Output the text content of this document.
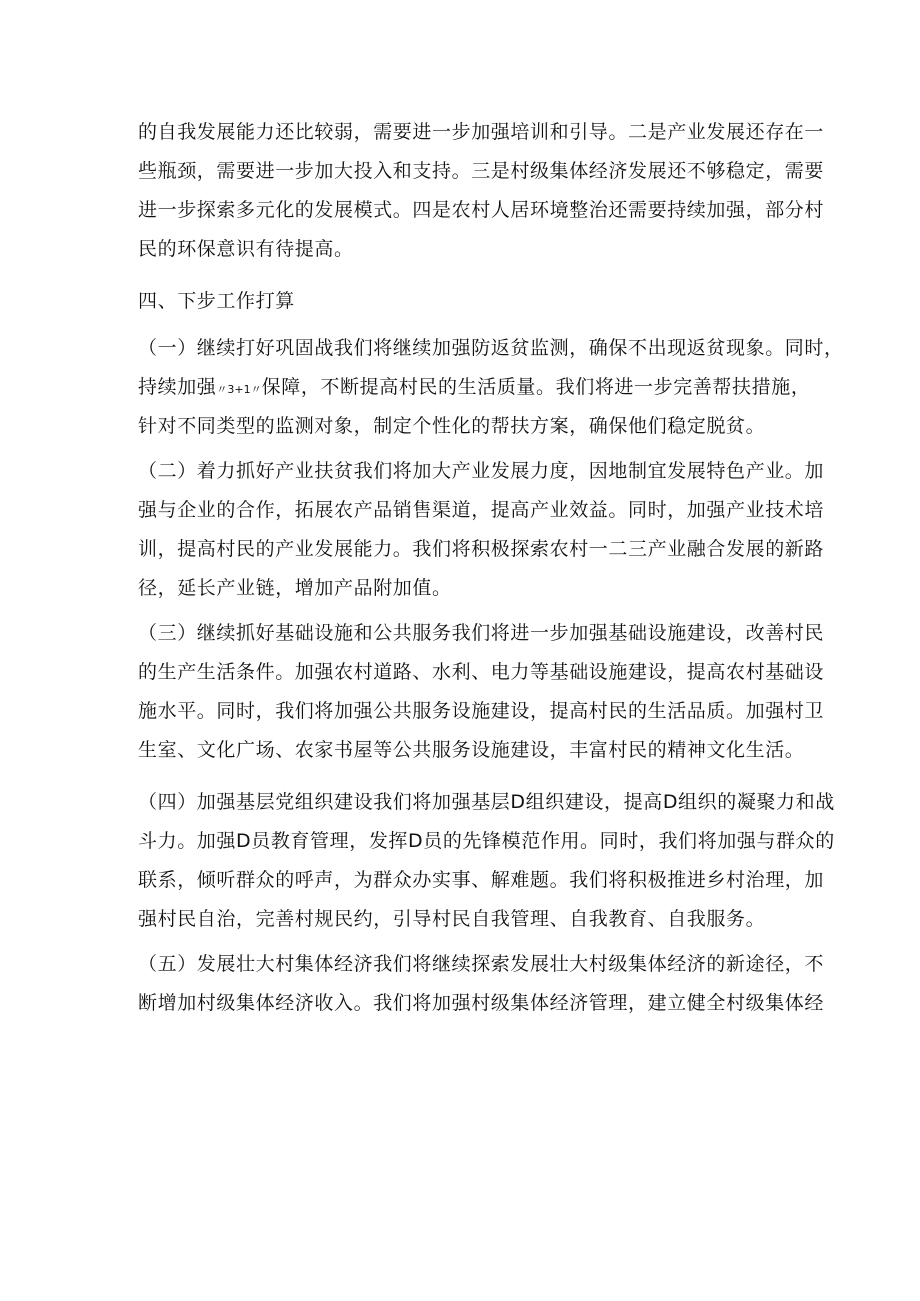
的自我发展能力还比较弱，需要进一步加强培训和引导。二是产业发展还存在一
些瓶颈，需要进一步加大投入和支持。三是村级集体经济发展还不够稳定，需要
进一步探索多元化的发展模式。四是农村人居环境整治还需要持续加强，部分村
民的环保意识有待提高。
四、下步工作打算
（一）继续打好巩固战我们将继续加强防返贫监测，确保不出现返贫现象。同时，
持续加强〃3+1〃保障，不断提高村民的生活质量。我们将进一步完善帮扶措施，
针对不同类型的监测对象，制定个性化的帮扶方案，确保他们稳定脱贫。
（二）着力抓好产业扶贫我们将加大产业发展力度，因地制宜发展特色产业。加
强与企业的合作，拓展农产品销售渠道，提高产业效益。同时，加强产业技术培
训，提高村民的产业发展能力。我们将积极探索农村一二三产业融合发展的新路
径，延长产业链，增加产品附加值。
（三）继续抓好基础设施和公共服务我们将进一步加强基础设施建设，改善村民
的生产生活条件。加强农村道路、水利、电力等基础设施建设，提高农村基础设
施水平。同时，我们将加强公共服务设施建设，提高村民的生活品质。加强村卫
生室、文化广场、农家书屋等公共服务设施建设，丰富村民的精神文化生活。
（四）加强基层党组织建设我们将加强基层D组织建设，提高D组织的凝聚力和战
斗力。加强D员教育管理，发挥D员的先锋模范作用。同时，我们将加强与群众的
联系，倾听群众的呼声，为群众办实事、解难题。我们将积极推进乡村治理，加
强村民自治，完善村规民约，引导村民自我管理、自我教育、自我服务。
（五）发展壮大村集体经济我们将继续探索发展壮大村级集体经济的新途径，不
断增加村级集体经济收入。我们将加强村级集体经济管理，建立健全村级集体经
